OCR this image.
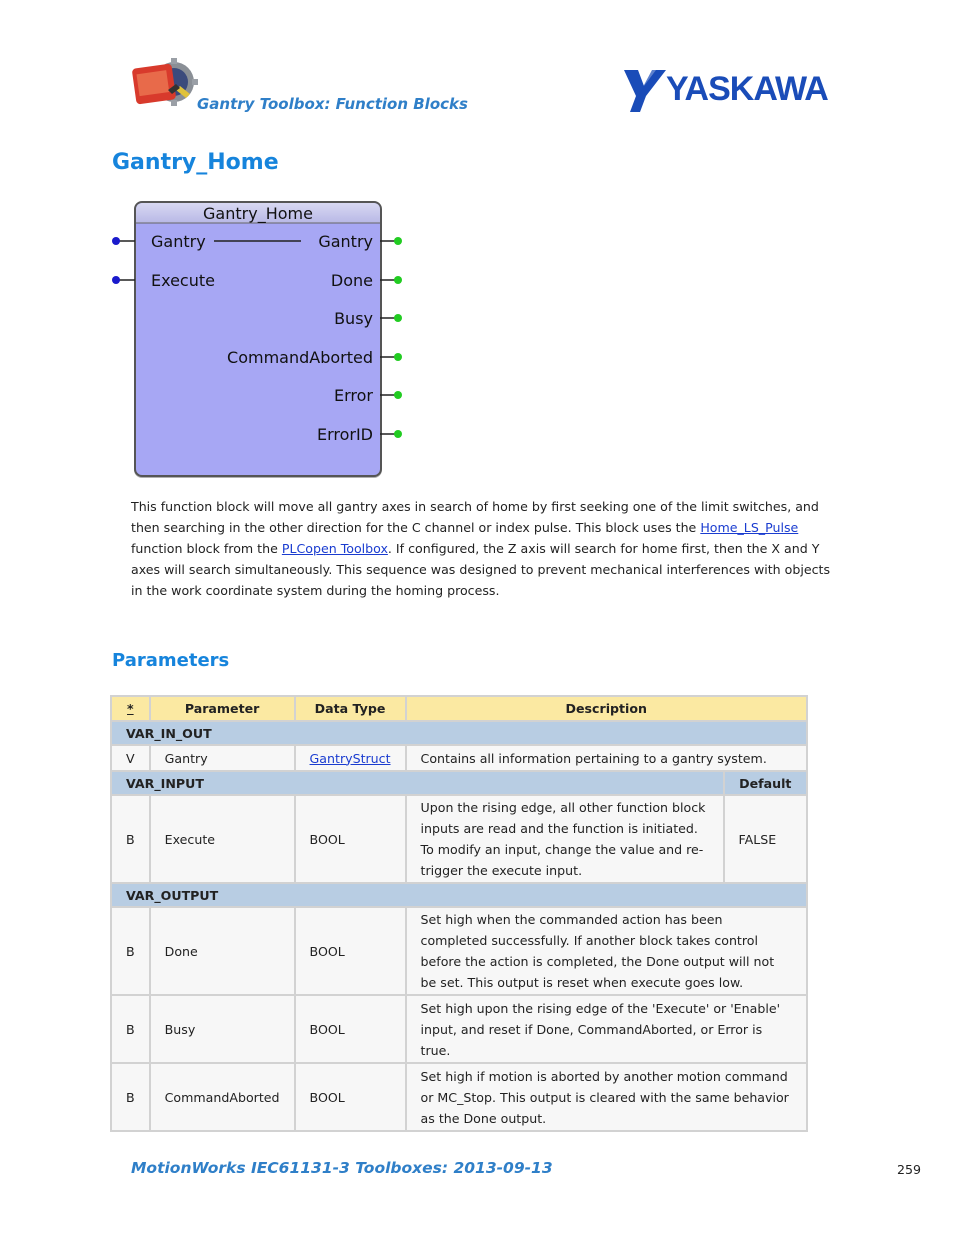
Gantry Toolbox: Function Blocks	YASKAWA
Gantry_Home
Gantry_Home
Gantry
Execute
Gantry
Done
Busy
CommandAborted
Error
ErrorID
This function block will move all gantry axes in search of home by first seeking one of the limit switches, and then searching in the other direction for the C channel or index pulse. This block uses the Home_LS_Pulse function block from the PLCopen Toolbox. If configured, the Z axis will search for home first, then the X and Y axes will search simultaneously. This sequence was designed to prevent mechanical interferences with objects in the work coordinate system during the homing process.
Parameters
*	Parameter	Data Type	Description	
VAR_IN_OUT				
V	Gantry	GantryStruct	Contains all information pertaining to a gantry system.	
VAR_INPUT				Default
B	Execute	BOOL	Upon the rising edge, all other function block inputs are read and the function is initiated. To modify an input, change the value and re-trigger the execute input.	FALSE
VAR_OUTPUT				
B	Done	BOOL	Set high when the commanded action has been completed successfully. If another block takes control before the action is completed, the Done output will not be set. This output is reset when execute goes low.	
B	Busy	BOOL	Set high upon the rising edge of the 'Execute' or 'Enable' input, and reset if Done, CommandAborted, or Error is true.	
B	CommandAborted	BOOL	Set high if motion is aborted by another motion command or MC_Stop. This output is cleared with the same behavior as the Done output.	
MotionWorks IEC61131-3 Toolboxes: 2013-09-13	259
